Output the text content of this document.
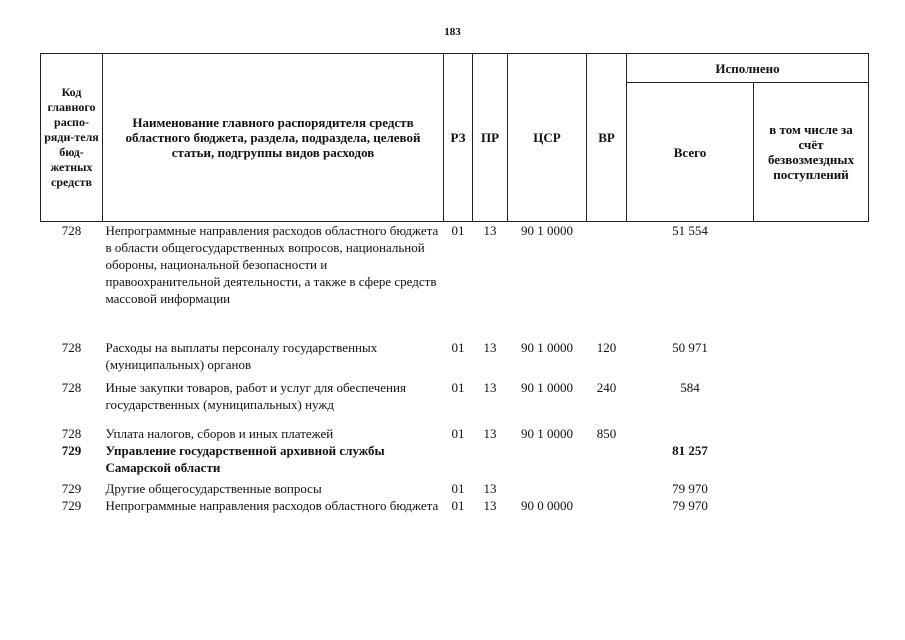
183
Код главного распо-ряди-теля бюд-жетных средств	Наименование главного распорядителя средств областного бюджета, раздела, подраздела, целевой статьи, подгруппы видов расходов	РЗ	ПР	ЦСР	ВР	Исполнено	
						Всего	в том числе за счёт безвозмездных поступлений
728	Непрограммные направления расходов областного бюджета в области общегосударственных вопросов, национальной обороны, национальной безопасности и правоохранительной деятельности, а также в сфере средств массовой информации	01	13	90 1 0000		51 554	

728	Расходы на выплаты персоналу государственных (муниципальных) органов	01	13	90 1 0000	120	50 971	

728	Иные закупки товаров, работ и услуг для обеспечения государственных (муниципальных) нужд	01	13	90 1 0000	240	584	

728	Уплата налогов, сборов и иных платежей	01	13	90 1 0000	850		
729	Управление государственной архивной службы Самарской области					81 257	

729	Другие общегосударственные вопросы	01	13			79 970	
729	Непрограммные направления расходов областного бюджета	01	13	90 0 0000		79 970	
